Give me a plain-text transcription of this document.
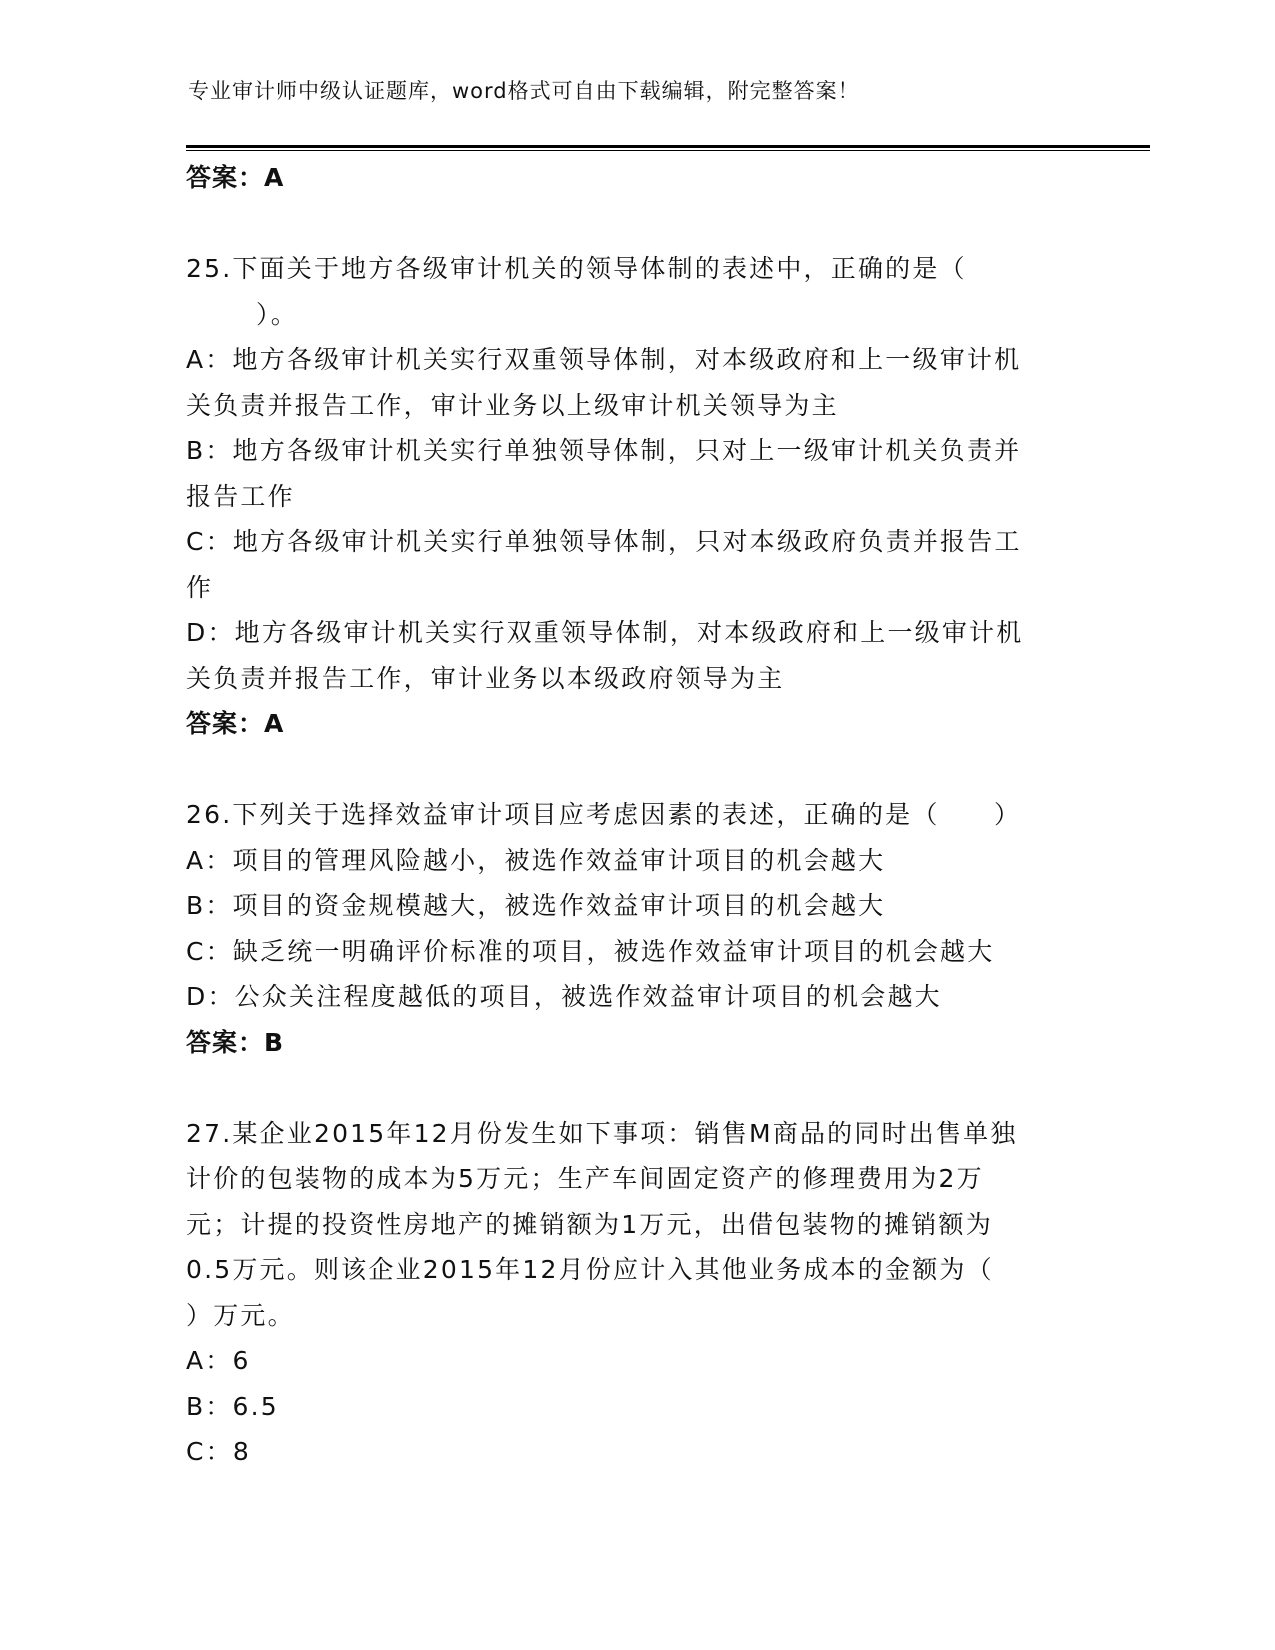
专业审计师中级认证题库，word格式可自由下载编辑，附完整答案！
答案：A
25.下面关于地方各级审计机关的领导体制的表述中，正确的是（
）。
A：地方各级审计机关实行双重领导体制，对本级政府和上一级审计机
关负责并报告工作，审计业务以上级审计机关领导为主
B：地方各级审计机关实行单独领导体制，只对上一级审计机关负责并
报告工作
C：地方各级审计机关实行单独领导体制，只对本级政府负责并报告工
作
D：地方各级审计机关实行双重领导体制，对本级政府和上一级审计机
关负责并报告工作，审计业务以本级政府领导为主
答案：A
26.下列关于选择效益审计项目应考虑因素的表述，正确的是（　　）
A：项目的管理风险越小，被选作效益审计项目的机会越大
B：项目的资金规模越大，被选作效益审计项目的机会越大
C：缺乏统一明确评价标准的项目，被选作效益审计项目的机会越大
D：公众关注程度越低的项目，被选作效益审计项目的机会越大
答案：B
27.某企业2015年12月份发生如下事项：销售M商品的同时出售单独
计价的包装物的成本为5万元；生产车间固定资产的修理费用为2万
元；计提的投资性房地产的摊销额为1万元，出借包装物的摊销额为
0.5万元。则该企业2015年12月份应计入其他业务成本的金额为（
）万元。
A：6
B：6.5
C：8
